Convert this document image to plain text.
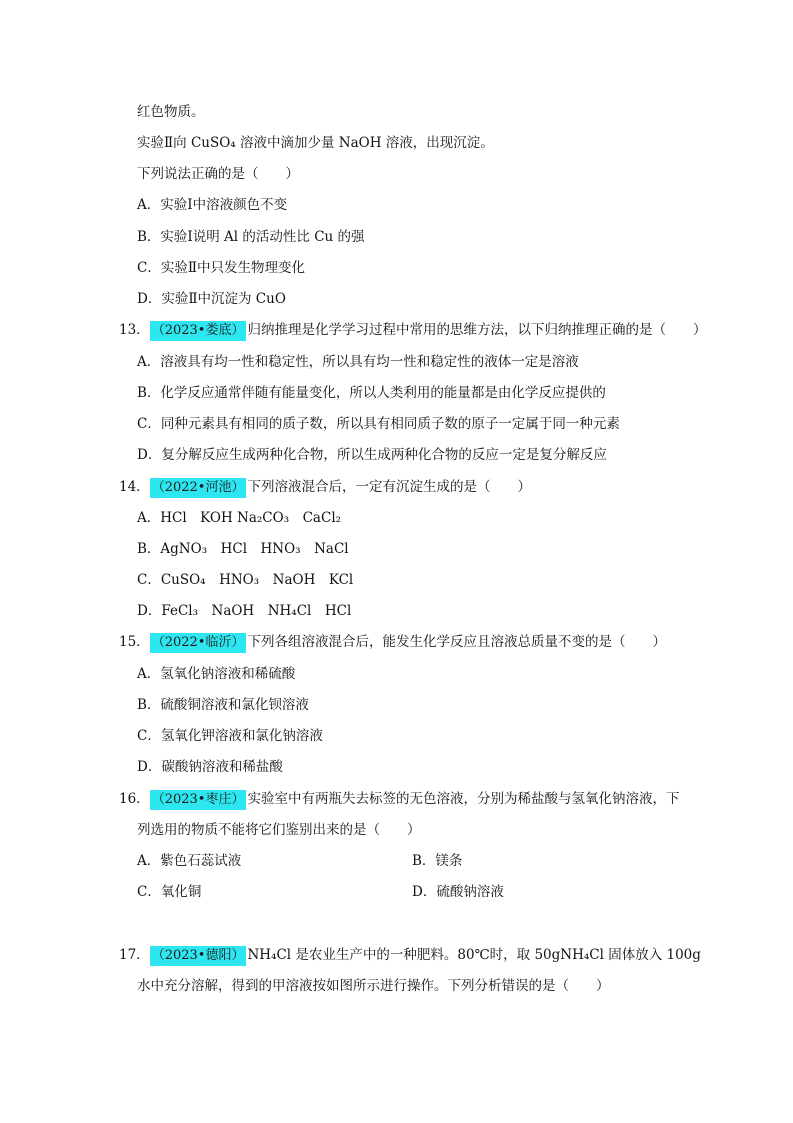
红色物质。
实验Ⅱ向 CuSO₄ 溶液中滴加少量 NaOH 溶液，出现沉淀。
下列说法正确的是（　　）
A．实验Ⅰ中溶液颜色不变
B．实验Ⅰ说明 Al 的活动性比 Cu 的强
C．实验Ⅱ中只发生物理变化
D．实验Ⅱ中沉淀为 CuO
13． （2023•娄底） 归纳推理是化学学习过程中常用的思维方法，以下归纳推理正确的是（　　）
A．溶液具有均一性和稳定性，所以具有均一性和稳定性的液体一定是溶液
B．化学反应通常伴随有能量变化，所以人类利用的能量都是由化学反应提供的
C．同种元素具有相同的质子数，所以具有相同质子数的原子一定属于同一种元素
D．复分解反应生成两种化合物，所以生成两种化合物的反应一定是复分解反应
14． （2022•河池） 下列溶液混合后，一定有沉淀生成的是（　　）
A．HCl　KOH Na₂CO₃　CaCl₂
B．AgNO₃　HCl　HNO₃　NaCl
C．CuSO₄　HNO₃　NaOH　KCl
D．FeCl₃　NaOH　NH₄Cl　HCl
15． （2022•临沂） 下列各组溶液混合后，能发生化学反应且溶液总质量不变的是（　　）
A．氢氧化钠溶液和稀硫酸
B．硫酸铜溶液和氯化钡溶液
C．氢氧化钾溶液和氯化钠溶液
D．碳酸钠溶液和稀盐酸
16． （2023•枣庄） 实验室中有两瓶失去标签的无色溶液，分别为稀盐酸与氢氧化钠溶液，下
列选用的物质不能将它们鉴别出来的是（　　）
A．紫色石蕊试液	B．镁条
C．氧化铜	D．硫酸钠溶液
17． （2023•德阳） NH₄Cl 是农业生产中的一种肥料。80℃时，取 50gNH₄Cl 固体放入 100g
水中充分溶解，得到的甲溶液按如图所示进行操作。下列分析错误的是（　　）
